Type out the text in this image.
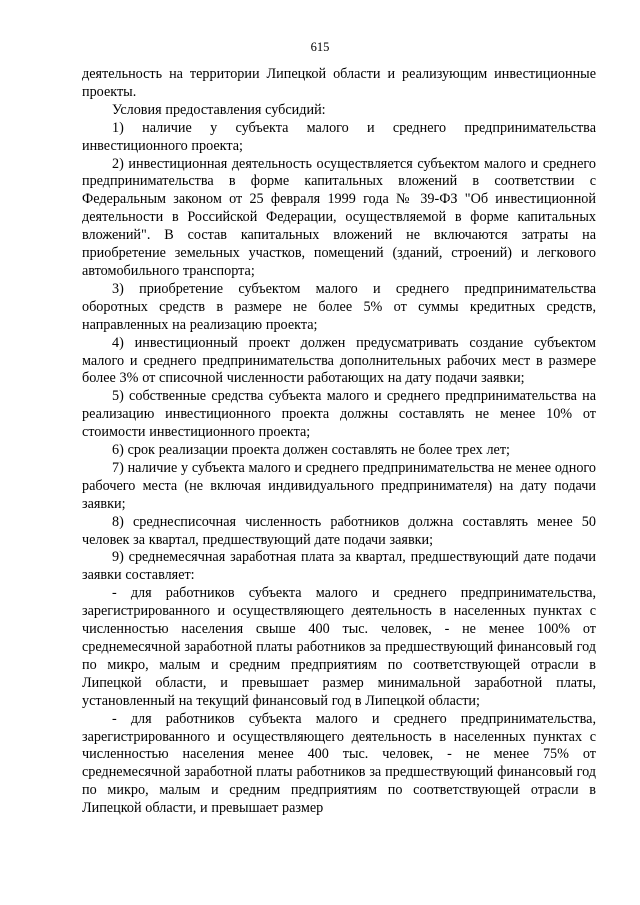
615

деятельность на территории Липецкой области и реализующим инвестиционные проекты.

Условия предоставления субсидий:

1) наличие у субъекта малого и среднего предпринимательства инвестиционного проекта;

2) инвестиционная деятельность осуществляется субъектом малого и среднего предпринимательства в форме капитальных вложений в соответствии с Федеральным законом от 25 февраля 1999 года № 39-ФЗ "Об инвестиционной деятельности в Российской Федерации, осуществляемой в форме капитальных вложений". В состав капитальных вложений не включаются затраты на приобретение земельных участков, помещений (зданий, строений) и легкового автомобильного транспорта;

3) приобретение субъектом малого и среднего предпринимательства оборотных средств в размере не более 5% от суммы кредитных средств, направленных на реализацию проекта;

4) инвестиционный проект должен предусматривать создание субъектом малого и среднего предпринимательства дополнительных рабочих мест в размере более 3% от списочной численности работающих на дату подачи заявки;

5) собственные средства субъекта малого и среднего предпринимательства на реализацию инвестиционного проекта должны составлять не менее 10% от стоимости инвестиционного проекта;

6) срок реализации проекта должен составлять не более трех лет;

7) наличие у субъекта малого и среднего предпринимательства не менее одного рабочего места (не включая индивидуального предпринимателя) на дату подачи заявки;

8) среднесписочная численность работников должна составлять менее 50 человек за квартал, предшествующий дате подачи заявки;

9) среднемесячная заработная плата за квартал, предшествующий дате подачи заявки составляет:

- для работников субъекта малого и среднего предпринимательства, зарегистрированного и осуществляющего деятельность в населенных пунктах с численностью населения свыше 400 тыс. человек, - не менее 100% от среднемесячной заработной платы работников за предшествующий финансовый год по микро, малым и средним предприятиям по соответствующей отрасли в Липецкой области, и превышает размер минимальной заработной платы, установленный на текущий финансовый год в Липецкой области;

- для работников субъекта малого и среднего предпринимательства, зарегистрированного и осуществляющего деятельность в населенных пунктах с численностью населения менее 400 тыс. человек, - не менее 75% от среднемесячной заработной платы работников за предшествующий финансовый год по микро, малым и средним предприятиям по соответствующей отрасли в Липецкой области, и превышает размер
